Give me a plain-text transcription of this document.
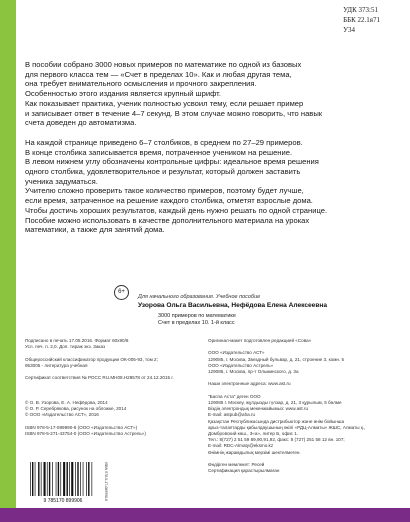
УДК 373:51
ББК 22.1я71
У34

В пособии собрано 3000 новых примеров по математике по одной из базовых
для первого класса тем — «Счет в пределах 10». Как и любая другая тема,
она требует внимательного осмысления и прочного закрепления.
Особенностью этого издания является крупный шрифт.
Как показывает практика, ученик полностью усвоил тему, если решает пример
и записывает ответ в течение 4–7 секунд. В этом случае можно говорить, что навык
счета доведен до автоматизма.

На каждой странице приведено 6–7 столбиков, в среднем по 27–29 примеров.
В конце столбика записывается время, потраченное учеником на решение.
В левом нижнем углу обозначены контрольные цифры: идеальное время решения
одного столбика, удовлетворительное и результат, который должен заставить
ученика задуматься.
Учителю сложно проверить такое количество примеров, поэтому будет лучше,
если время, затраченное на решение каждого столбика, отметят взрослые дома.
Чтобы достичь хороших результатов, каждый день нужно решать по одной странице.
Пособие можно использовать в качестве дополнительного материала на уроках
математики, а также для занятий дома.

6+
Для начального образования. Учебное пособие
Узорова Ольга Васильевна, Нефёдова Елена Алексеевна
3000 примеров по математике
Счет в пределах 10. 1-й класс

Подписано в печать 17.05.2016. Формат 60х90/8

Усл. печ. л. 2,0. Доп. тираж экз. Заказ

Общероссийский классификатор продукции ОК-005-93, том 2;

953005 - литература учебная

Сертификат соответствия № РОСС RU.МН08.Н28578 от 24.12.2015 г.

© О. В. Узорова, Е. А. Нефёдова, 2014

© О. Р. Серебрякова, рисунок на обложке, 2014

© ООО «Издательство АСТ», 2016

ISBN 978-5-17-089990-6 (ООО «Издательство АСТ»)

ISBN 978-5-271-43754-0 (ООО «Издательство Астрель»)

Оригинал-макет подготовлен редакцией «Сова»

ООО «Издательство АСТ»

129085, г. Москва, Звездный бульвар, д. 21, строение 3, комн. 5

ООО «Издательство Астрель»

129085, г. Москва, пр-т Ольминского, д. 3а

Наши электронные адреса: www.ast.ru

"Баспа Аста" деген ООО

129085 г. Мәскеу, жұлдызды гүлзар, д. 21, 3 құрылым, 5 бөлме

Біздің электрондық мекенжайымыз: www.ast.ru

E-mail: astpub@aha.ru

Қазақстан Республикасында дистрибьютор және өнім бойынша

арыз-талаптарды қабылдаушының өкілі «РДЦ-Алматы» ЖШС, Алматы қ.,

Домбровский көш., 3«а», литер Б, офис 1.

Тел.: 8(727) 2 51 59 89,90,91,92, факс: 8 (727) 251 58 12 вн. 107;

E-mail: RDC-Almaty@eksmo.kz

Өнімнің жарамдылық мерзімі шектелмеген.

Өндірген мемлекет: Ресей

Сертификация қарастырылмаған

9 785170 899906	ISBN 978-5-17-089990-6
